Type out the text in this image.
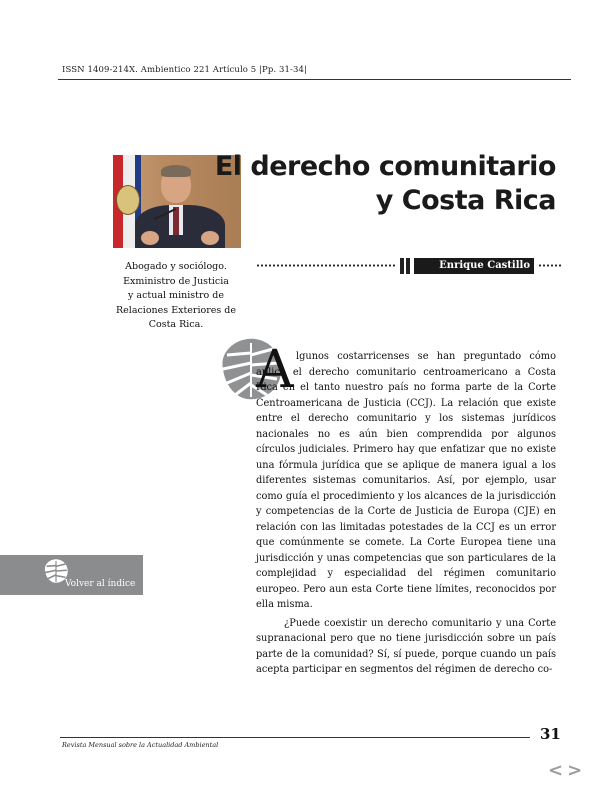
ISSN 1409-214X. Ambientico 221 Artículo 5 |Pp. 31-34|
El derecho comunitario
y Costa Rica
Enrique Castillo
Abogado y sociólogo.
Exministro de Justicia
y actual ministro de
Relaciones Exteriores de
Costa Rica.
A lgunos costarricenses se han preguntado cómo aplica el derecho comunitario centroamericano a Costa Rica en el tanto nuestro país no forma parte de la Corte Centroamericana de Justicia (CCJ). La relación que existe entre el derecho comunitario y los sistemas jurídicos nacionales no es aún bien comprendida por algunos círculos judiciales. Primero hay que enfatizar que no existe una fórmula jurídica que se aplique de manera igual a los diferentes sistemas comunitarios. Así, por ejemplo, usar como guía el procedimiento y los alcances de la jurisdicción y competencias de la Corte de Justicia de Europa (CJE) en relación con las limitadas potestades de la CCJ es un error que comúnmente se comete. La Corte Europea tiene una jurisdicción y unas competencias que son particulares de la complejidad y especialidad del régimen comunitario europeo. Pero aun esta Corte tiene límites, reconocidos por ella misma.

¿Puede coexistir un derecho comunitario y una Corte supranacional pero que no tiene jurisdicción sobre un país parte de la comunidad? Sí, sí puede, porque cuando un país acepta participar en segmentos del régimen de derecho co-

Volver al índice
31
Revista Mensual sobre la Actualidad Ambiental
<>
